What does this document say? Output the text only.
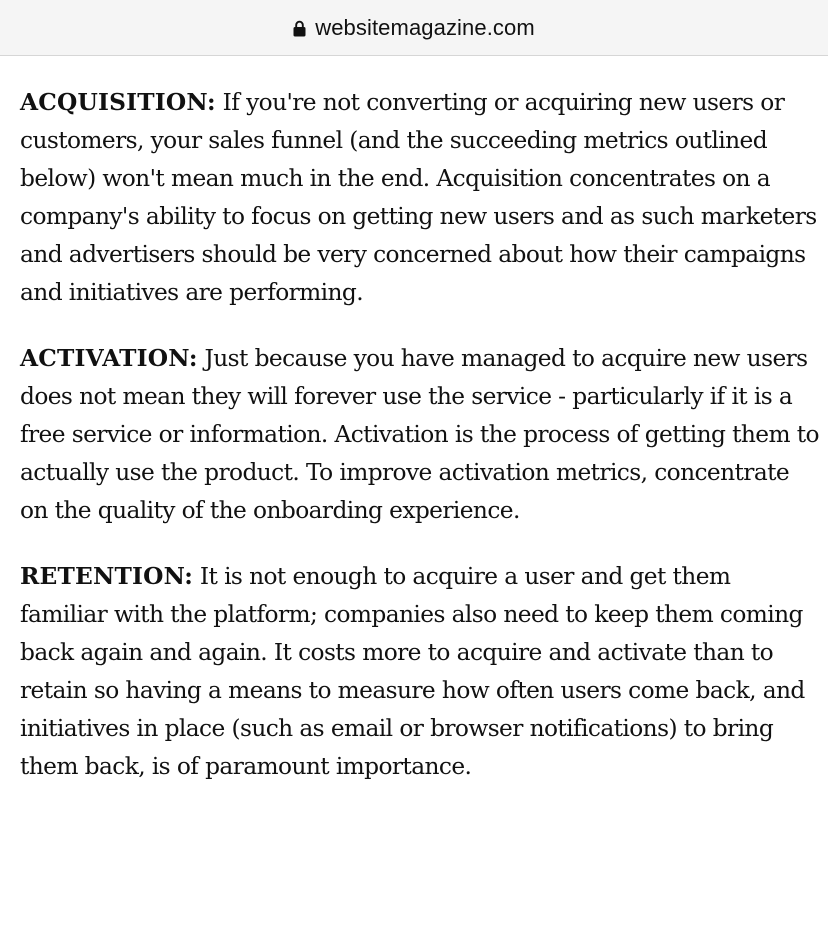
websitemagazine.com

ACQUISITION: If you're not converting or acquiring new users or customers, your sales funnel (and the succeeding metrics outlined below) won't mean much in the end. Acquisition concentrates on a company's ability to focus on getting new users and as such marketers and advertisers should be very concerned about how their campaigns and initiatives are performing.

ACTIVATION: Just because you have managed to acquire new users does not mean they will forever use the service - particularly if it is a free service or information. Activation is the process of getting them to actually use the product. To improve activation metrics, concentrate on the quality of the onboarding experience.

RETENTION: It is not enough to acquire a user and get them familiar with the platform; companies also need to keep them coming back again and again. It costs more to acquire and activate than to retain so having a means to measure how often users come back, and initiatives in place (such as email or browser notifications) to bring them back, is of paramount importance.
